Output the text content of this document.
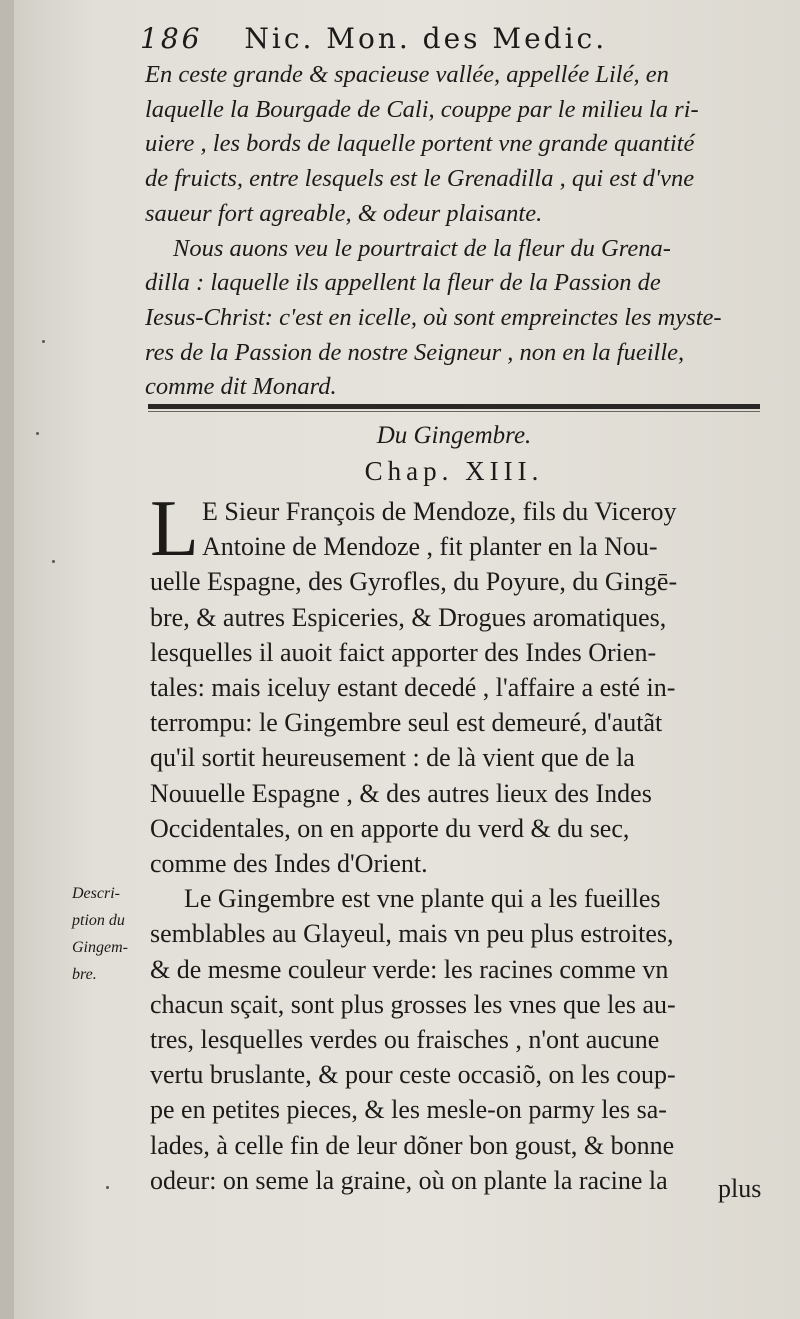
186 Nic. Mon. des Medic.
En ceste grande & spacieuse vallée, appellée Lilé, en
laquelle la Bourgade de Cali, couppe par le milieu la ri-
uiere , les bords de laquelle portent vne grande quantité
de fruicts, entre lesquels est le Grenadilla , qui est d'vne
saueur fort agreable, & odeur plaisante.
Nous auons veu le pourtraict de la fleur du Grena-
dilla : laquelle ils appellent la fleur de la Passion de
Iesus-Christ: c'est en icelle, où sont empreinctes les myste-
res de la Passion de nostre Seigneur , non en la fueille,
comme dit Monard.
Du Gingembre.
Chap. XIII.
L E Sieur François de Mendoze, fils du Viceroy
Antoine de Mendoze , fit planter en la Nou-
uelle Espagne, des Gyrofles, du Poyure, du Gingē-
bre, & autres Espiceries, & Drogues aromatiques,
lesquelles il auoit faict apporter des Indes Orien-
tales: mais iceluy estant decedé , l'affaire a esté in-
terrompu: le Gingembre seul est demeuré, d'autãt
qu'il sortit heureusement : de là vient que de la
Nouuelle Espagne , & des autres lieux des Indes
Occidentales, on en apporte du verd & du sec,
comme des Indes d'Orient.
Le Gingembre est vne plante qui a les fueilles
semblables au Glayeul, mais vn peu plus estroites,
& de mesme couleur verde: les racines comme vn
chacun sçait, sont plus grosses les vnes que les au-
tres, lesquelles verdes ou fraisches , n'ont aucune
vertu bruslante, & pour ceste occasiõ, on les coup-
pe en petites pieces, & les mesle-on parmy les sa-
lades, à celle fin de leur dõner bon goust, & bonne
odeur: on seme la graine, où on plante la racine la
Descri-
ption du
Gingem-
bre.
plus
